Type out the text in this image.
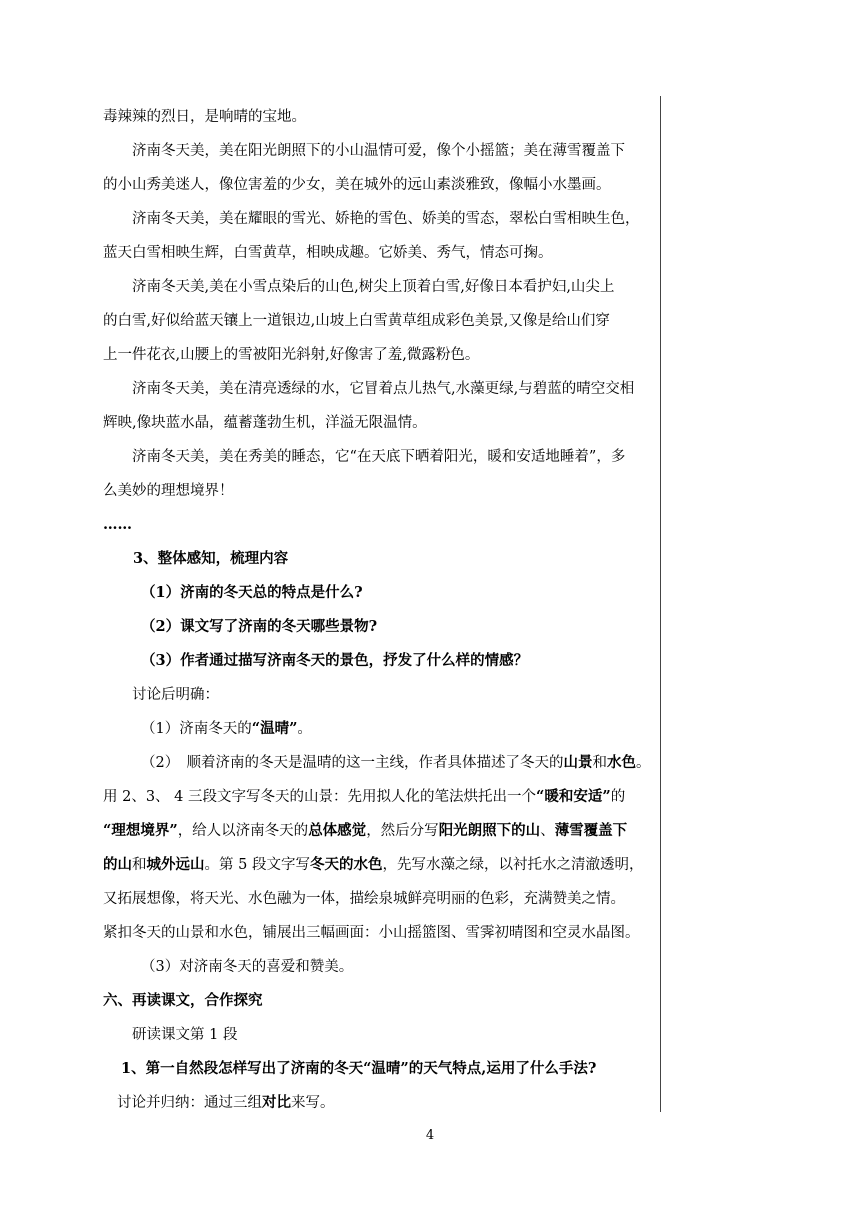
毒辣辣的烈日，是响晴的宝地。
济南冬天美，美在阳光朗照下的小山温情可爱，像个小摇篮；美在薄雪覆盖下
的小山秀美迷人，像位害羞的少女，美在城外的远山素淡雅致，像幅小水墨画。
济南冬天美，美在耀眼的雪光、娇艳的雪色、娇美的雪态，翠松白雪相映生色，
蓝天白雪相映生辉，白雪黄草，相映成趣。它娇美、秀气，情态可掬。
济南冬天美,美在小雪点染后的山色,树尖上顶着白雪,好像日本看护妇,山尖上
的白雪,好似给蓝天镶上一道银边,山坡上白雪黄草组成彩色美景,又像是给山们穿
上一件花衣,山腰上的雪被阳光斜射,好像害了羞,微露粉色。
济南冬天美，美在清亮透绿的水，它冒着点儿热气,水藻更绿,与碧蓝的晴空交相
辉映,像块蓝水晶，蕴蓄蓬勃生机，洋溢无限温情。
济南冬天美，美在秀美的睡态，它“在天底下晒着阳光，暖和安适地睡着”，多
么美妙的理想境界！
……
3、整体感知，梳理内容
（1）济南的冬天总的特点是什么?
（2）课文写了济南的冬天哪些景物?
（3）作者通过描写济南冬天的景色，抒发了什么样的情感？
讨论后明确：
（1）济南冬天的“温晴”。
（2）　顺着济南的冬天是温晴的这一主线，作者具体描述了冬天的山景和水色。
用 2、3、 4 三段文字写冬天的山景：先用拟人化的笔法烘托出一个“暖和安适”的
“理想境界”，给人以济南冬天的总体感觉，然后分写阳光朗照下的山、薄雪覆盖下
的山和城外远山。第 5 段文字写冬天的水色，先写水藻之绿，以衬托水之清澈透明，
又拓展想像，将天光、水色融为一体，描绘泉城鲜亮明丽的色彩，充满赞美之情。
紧扣冬天的山景和水色，铺展出三幅画面：小山摇篮图、雪霁初晴图和空灵水晶图。
（3）对济南冬天的喜爱和赞美。
六、再读课文，合作探究
研读课文第 1 段
1、第一自然段怎样写出了济南的冬天“温晴”的天气特点,运用了什么手法?
讨论并归纳：通过三组对比来写。
4
